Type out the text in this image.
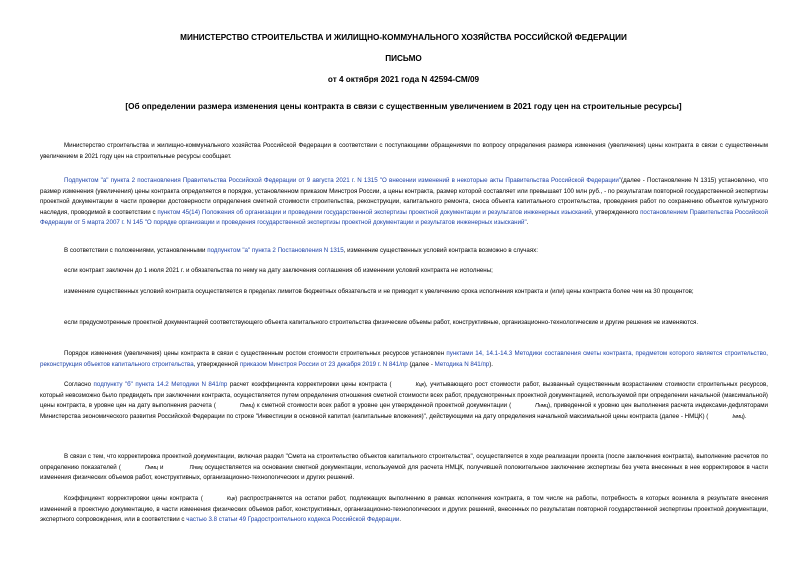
МИНИСТЕРСТВО СТРОИТЕЛЬСТВА И ЖИЛИЩНО-КОММУНАЛЬНОГО ХОЗЯЙСТВА РОССИЙСКОЙ ФЕДЕРАЦИИ
ПИСЬМО
от 4 октября 2021 года N 42594-СМ/09
[Об определении размера изменения цены контракта в связи с существенным увеличением в 2021 году цен на строительные ресурсы]

Министерство строительства и жилищно-коммунального хозяйства Российской Федерации в соответствии с поступающими обращениями по вопросу определения размера изменения (увеличения) цены контракта в связи с существенным увеличением в 2021 году цен на строительные ресурсы сообщает.

Подпунктом "а" пункта 2 постановления Правительства Российской Федерации от 9 августа 2021 г. N 1315 "О внесении изменений в некоторые акты Правительства Российской Федерации"(далее - Постановление N 1315) установлено, что размер изменения (увеличения) цены контракта определяется в порядке, установленном приказом Минстроя России, а цены контракта, размер которой составляет или превышает 100 млн руб., - по результатам повторной государственной экспертизы проектной документации в части проверки достоверности определения сметной стоимости строительства, реконструкции, капитального ремонта, сноса объекта капитального строительства, проведения работ по сохранению объектов культурного наследия, проводимой в соответствии с пунктом 45(14) Положения об организации и проведении государственной экспертизы проектной документации и результатов инженерных изысканий, утвержденного постановлением Правительства Российской Федерации от 5 марта 2007 г. N 145 "О порядке организации и проведения государственной экспертизы проектной документации и результатов инженерных изысканий".

В соответствии с положениями, установленными подпунктом "а" пункта 2 Постановления N 1315, изменение существенных условий контракта возможно в случаях:

если контракт заключен до 1 июля 2021 г. и обязательства по нему на дату заключения соглашения об изменении условий контракта не исполнены;

изменение существенных условий контракта осуществляется в пределах лимитов бюджетных обязательств и не приводит к увеличению срока исполнения контракта и (или) цены контракта более чем на 30 процентов;

если предусмотренные проектной документацией соответствующего объекта капитального строительства физические объемы работ, конструктивные, организационно-технологические и другие решения не изменяются.

Порядок изменения (увеличения) цены контракта в связи с существенным ростом стоимости строительных ресурсов установлен пунктами 14, 14.1-14.3 Методики составления сметы контракта, предметом которого является строительство, реконструкция объектов капитального строительства, утвержденной приказом Минстроя России от 23 декабря 2019 г. N 841/пр (далее - Методика N 841/пр).

Согласно подпункту "б" пункта 14.2 Методики N 841/пр расчет коэффициента корректировки цены контракта (	Кцк), учитывающего рост стоимости работ, вызванный существенным возрастанием стоимости строительных ресурсов, который невозможно было предвидеть при заключении контракта, осуществляется путем определения отношения сметной стоимости всех работ, предусмотренных проектной документацией, используемой при определении начальной (максимальной) цены контракта, в уровне цен на дату выполнения расчета (	Пнмц) к сметной стоимости всех работ в уровне цен утвержденной проектной документации (	Пнмц), приведенной к уровню цен выполнения расчета индексами-дефляторами Министерства экономического развития Российской Федерации по строке "Инвестиции в основной капитал (капитальные вложения)", действующими на дату определения начальной максимальной цены контракта (далее - НМЦК) (	Iнмц).

В связи с тем, что корректировка проектной документации, включая раздел "Смета на строительство объектов капитального строительства", осуществляется в ходе реализации проекта (после заключения контракта), выполнение расчетов по определению показателей (	Пнмц и	Пнмц осуществляется на основании сметной документации, используемой для расчета НМЦК, получившей положительное заключение экспертизы без учета внесенных в нее корректировок в части изменения физических объемов работ, конструктивных, организационно-технологических и других решений.

Коэффициент корректировки цены контракта (	Кцк) распространяется на остатки работ, подлежащих выполнению в рамках исполнения контракта, в том числе на работы, потребность в которых возникла в результате внесения изменений в проектную документацию, в части изменения физических объемов работ, конструктивных, организационно-технологических и других решений, внесенных по результатам повторной государственной экспертизы проектной документации, экспертного сопровождения, или в соответствии с частью 3.8 статьи 49 Градостроительного кодекса Российской Федерации.
